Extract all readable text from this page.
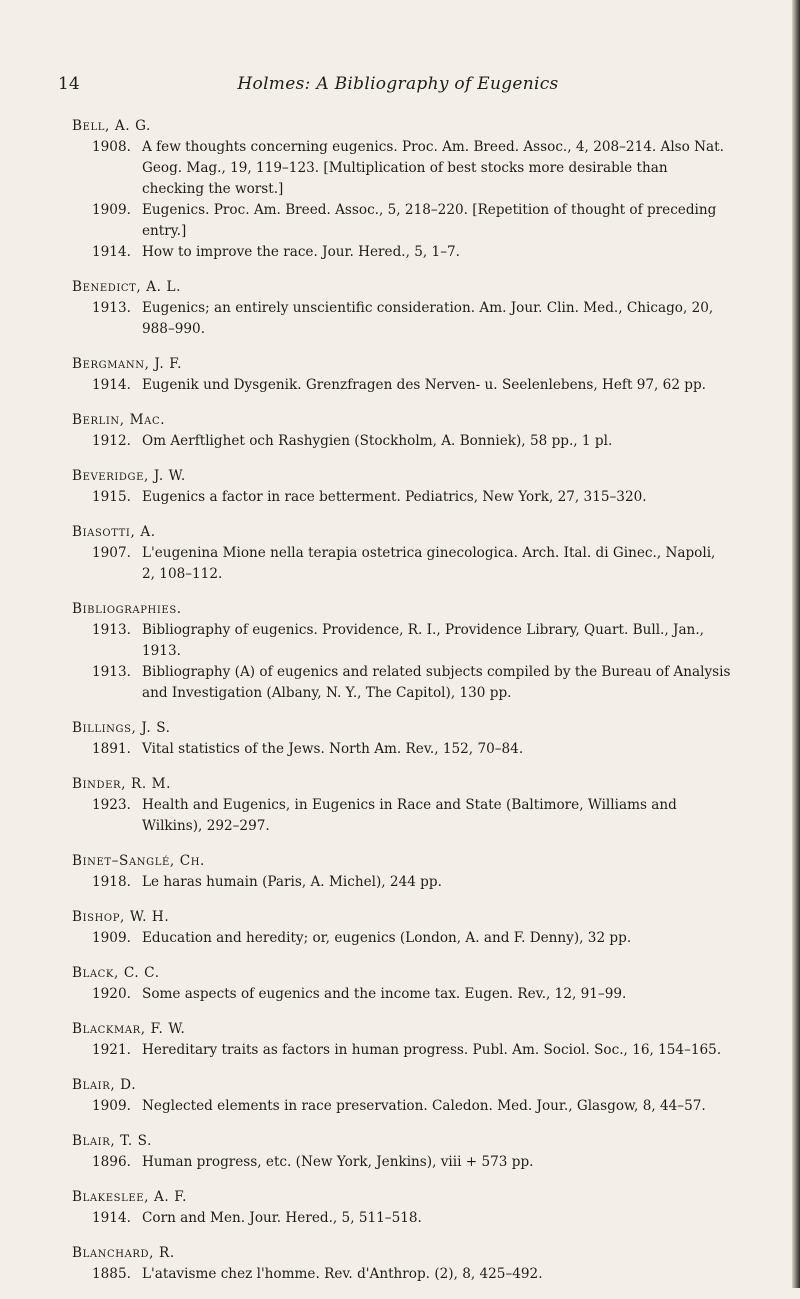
14	Holmes: A Bibliography of Eugenics
Bell, A. G.
1908. A few thoughts concerning eugenics. Proc. Am. Breed. Assoc., 4, 208–214. Also Nat. Geog. Mag., 19, 119–123. [Multiplication of best stocks more desirable than checking the worst.]
1909. Eugenics. Proc. Am. Breed. Assoc., 5, 218–220. [Repetition of thought of preceding entry.]
1914. How to improve the race. Jour. Hered., 5, 1–7.
Benedict, A. L.
1913. Eugenics; an entirely unscientific consideration. Am. Jour. Clin. Med., Chicago, 20, 988–990.
Bergmann, J. F.
1914. Eugenik und Dysgenik. Grenzfragen des Nerven- u. Seelenlebens, Heft 97, 62 pp.
Berlin, Mac.
1912. Om Aerftlighet och Rashygien (Stockholm, A. Bonniek), 58 pp., 1 pl.
Beveridge, J. W.
1915. Eugenics a factor in race betterment. Pediatrics, New York, 27, 315–320.
Biasotti, A.
1907. L'eugenina Mione nella terapia ostetrica ginecologica. Arch. Ital. di Ginec., Napoli, 2, 108–112.
Bibliographies.
1913. Bibliography of eugenics. Providence, R. I., Providence Library, Quart. Bull., Jan., 1913.
1913. Bibliography (A) of eugenics and related subjects compiled by the Bureau of Analysis and Investigation (Albany, N. Y., The Capitol), 130 pp.
Billings, J. S.
1891. Vital statistics of the Jews. North Am. Rev., 152, 70–84.
Binder, R. M.
1923. Health and Eugenics, in Eugenics in Race and State (Baltimore, Williams and Wilkins), 292–297.
Binet–Sanglé, Ch.
1918. Le haras humain (Paris, A. Michel), 244 pp.
Bishop, W. H.
1909. Education and heredity; or, eugenics (London, A. and F. Denny), 32 pp.
Black, C. C.
1920. Some aspects of eugenics and the income tax. Eugen. Rev., 12, 91–99.
Blackmar, F. W.
1921. Hereditary traits as factors in human progress. Publ. Am. Sociol. Soc., 16, 154–165.
Blair, D.
1909. Neglected elements in race preservation. Caledon. Med. Jour., Glasgow, 8, 44–57.
Blair, T. S.
1896. Human progress, etc. (New York, Jenkins), viii + 573 pp.
Blakeslee, A. F.
1914. Corn and Men. Jour. Hered., 5, 511–518.
Blanchard, R.
1885. L'atavisme chez l'homme. Rev. d'Anthrop. (2), 8, 425–492.
